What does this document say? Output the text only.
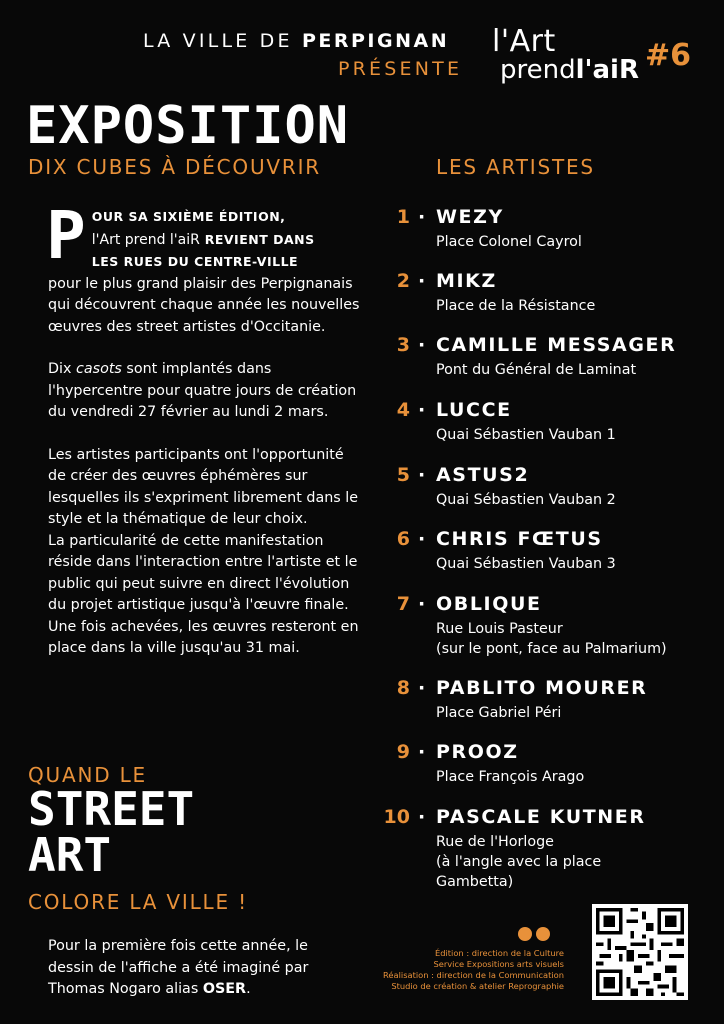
LA VILLE DE PERPIGNAN
PRÉSENTE
l'Art
prendl'aiR #6
EXPOSITION
DIX CUBES À DÉCOUVRIR	LES ARTISTES

P OUR SA SIXIÈME ÉDITION,
l'Art prend l'aiR REVIENT DANS
LES RUES DU CENTRE-VILLE
pour le plus grand plaisir des Perpignanais qui découvrent chaque année les nouvelles œuvres des street artistes d'Occitanie.

Dix casots sont implantés dans l'hypercentre pour quatre jours de création du vendredi 27 février au lundi 2 mars.

Les artistes participants ont l'opportunité de créer des œuvres éphémères sur lesquelles ils s'expriment librement dans le style et la thématique de leur choix.

La particularité de cette manifestation réside dans l'interaction entre l'artiste et le public qui peut suivre en direct l'évolution du projet artistique jusqu'à l'œuvre finale. Une fois achevées, les œuvres resteront en place dans la ville jusqu'au 31 mai.

QUAND LE
STREET
ART
COLORE LA VILLE !
Pour la première fois cette année, le dessin de l'affiche a été imaginé par Thomas Nogaro alias OSER.
1 · WEZY
Place Colonel Cayrol
2 · MIKZ
Place de la Résistance
3 · CAMILLE MESSAGER
Pont du Général de Laminat
4 · LUCCE
Quai Sébastien Vauban 1
5 · ASTUS2
Quai Sébastien Vauban 2
6 · CHRIS FŒTUS
Quai Sébastien Vauban 3
7 · OBLIQUE
Rue Louis Pasteur
(sur le pont, face au Palmarium)
8 · PABLITO MOURER
Place Gabriel Péri
9 · PROOZ
Place François Arago
10 · PASCALE KUTNER
Rue de l'Horloge
(à l'angle avec la place
Gambetta)
Édition : direction de la Culture
Service Expositions arts visuels
Réalisation : direction de la Communication
Studio de création & atelier Reprographie
